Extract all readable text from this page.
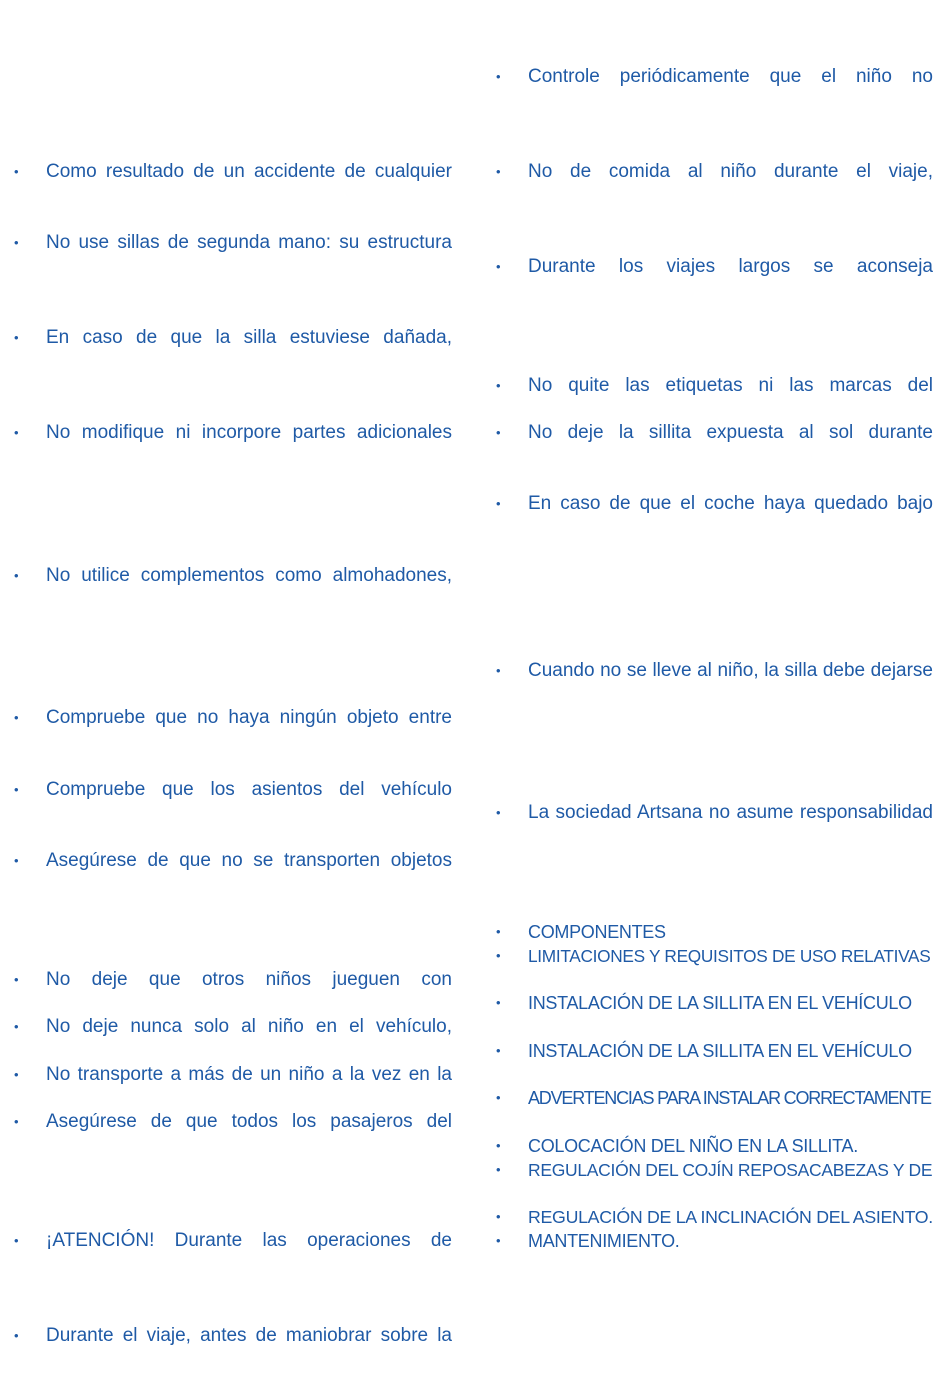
• Como resultado de un accidente de cualquier
• No use sillas de segunda mano: su estructura
• En caso de que la silla estuviese dañada,
• No modifique ni incorpore partes adicionales
• No utilice complementos como almohadones,
• Compruebe que no haya ningún objeto entre
• Compruebe que los asientos del vehículo
• Asegúrese de que no se transporten objetos
• No deje que otros niños jueguen con
• No deje nunca solo al niño en el vehículo,
• No transporte a más de un niño a la vez en la
• Asegúrese de que todos los pasajeros del
• ¡ATENCIÓN! Durante las operaciones de
• Durante el viaje, antes de maniobrar sobre la
• Controle periódicamente que el niño no
• No de comida al niño durante el viaje,
• Durante los viajes largos se aconseja
• No quite las etiquetas ni las marcas del
• No deje la sillita expuesta al sol durante
• En caso de que el coche haya quedado bajo
• Cuando no se lleve al niño, la silla debe dejarse
• La sociedad Artsana no asume responsabilidad
• COMPONENTES
• LIMITACIONES Y REQUISITOS DE USO RELATIVAS
• INSTALACIÓN DE LA SILLITA EN EL VEHÍCULO
• INSTALACIÓN DE LA SILLITA EN EL VEHÍCULO
• ADVERTENCIAS PARA INSTALAR CORRECTAMENTE
• COLOCACIÓN DEL NIÑO EN LA SILLITA.
• REGULACIÓN DEL COJÍN REPOSACABEZAS Y DE
• REGULACIÓN DE LA INCLINACIÓN DEL ASIENTO.
• MANTENIMIENTO.
